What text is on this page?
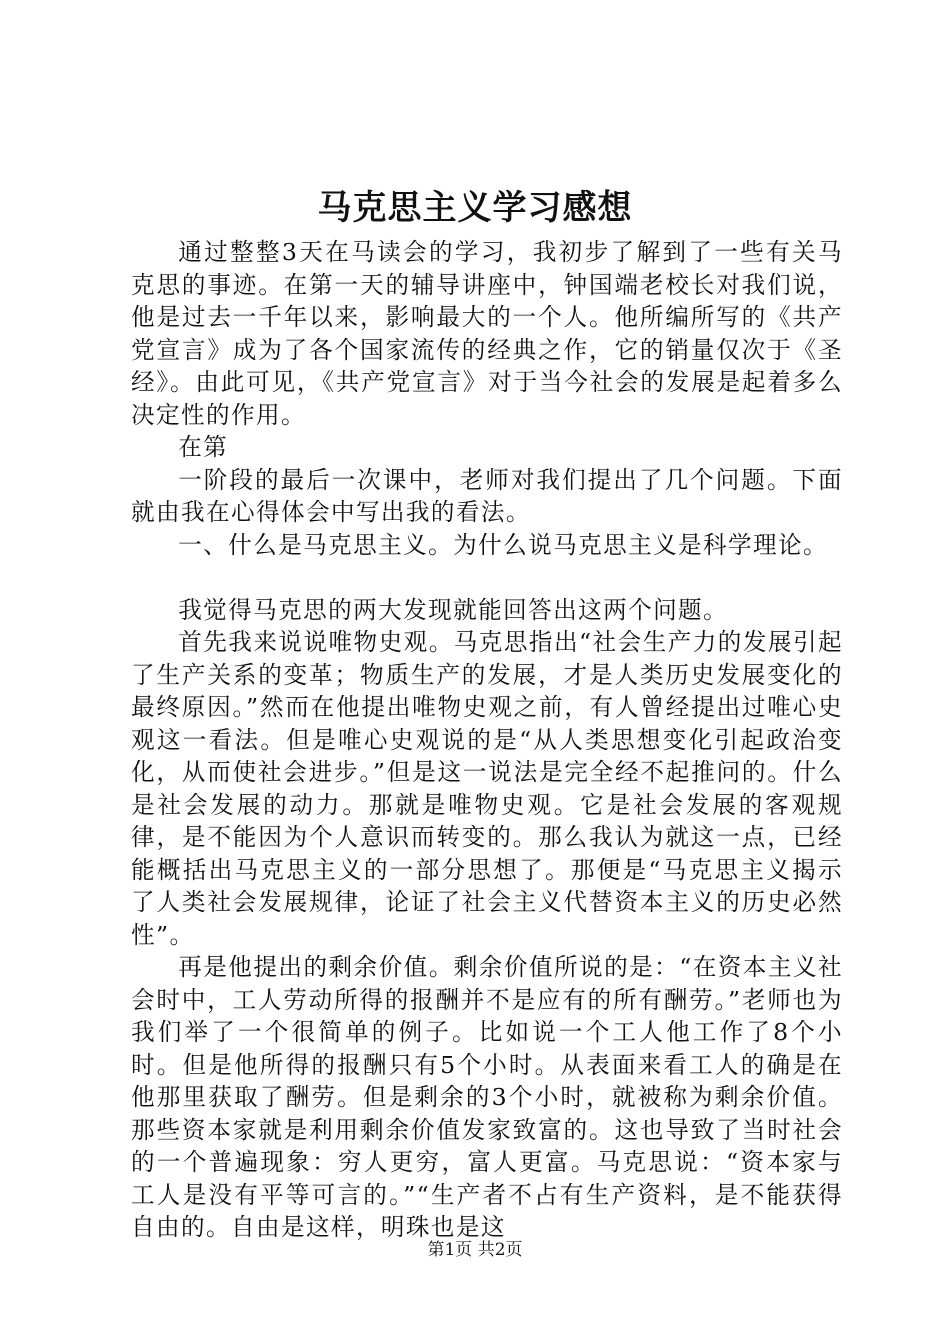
马克思主义学习感想

通过整整3天在马读会的学习，我初步了解到了一些有关马克思的事迹。在第一天的辅导讲座中，钟国端老校长对我们说，他是过去一千年以来，影响最大的一个人。他所编所写的《共产党宣言》成为了各个国家流传的经典之作，它的销量仅次于《圣经》。由此可见，《共产党宣言》对于当今社会的发展是起着多么决定性的作用。

在第

一阶段的最后一次课中，老师对我们提出了几个问题。下面就由我在心得体会中写出我的看法。

一、什么是马克思主义。为什么说马克思主义是科学理论。

我觉得马克思的两大发现就能回答出这两个问题。

首先我来说说唯物史观。马克思指出“社会生产力的发展引起了生产关系的变革；物质生产的发展，才是人类历史发展变化的最终原因。”然而在他提出唯物史观之前，有人曾经提出过唯心史观这一看法。但是唯心史观说的是“从人类思想变化引起政治变化，从而使社会进步。”但是这一说法是完全经不起推问的。什么是社会发展的动力。那就是唯物史观。它是社会发展的客观规律，是不能因为个人意识而转变的。那么我认为就这一点，已经能概括出马克思主义的一部分思想了。那便是“马克思主义揭示了人类社会发展规律，论证了社会主义代替资本主义的历史必然性”。

再是他提出的剩余价值。剩余价值所说的是：“在资本主义社会时中，工人劳动所得的报酬并不是应有的所有酬劳。”老师也为我们举了一个很简单的例子。比如说一个工人他工作了8个小时。但是他所得的报酬只有5个小时。从表面来看工人的确是在他那里获取了酬劳。但是剩余的3个小时，就被称为剩余价值。那些资本家就是利用剩余价值发家致富的。这也导致了当时社会的一个普遍现象：穷人更穷，富人更富。马克思说：“资本家与工人是没有平等可言的。”“生产者不占有生产资料，是不能获得自由的。自由是这样，明珠也是这

第1页 共2页
